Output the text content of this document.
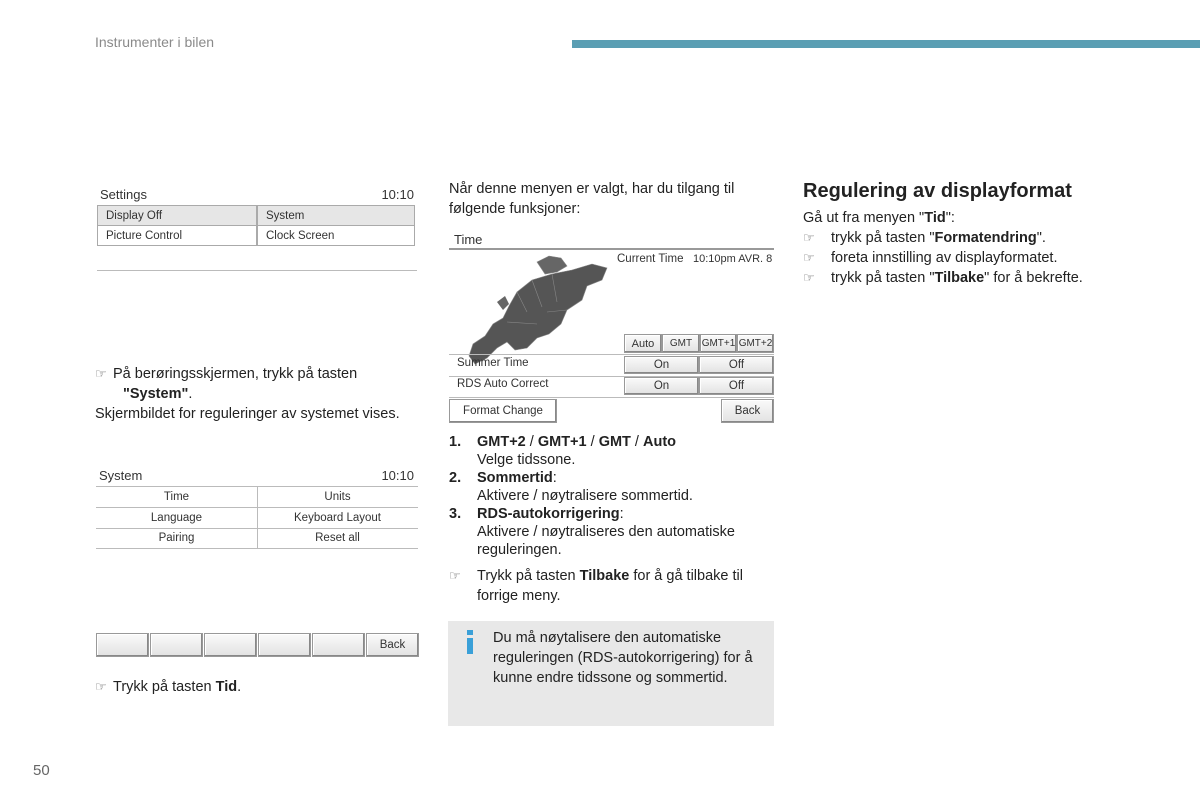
Instrumenter i bilen
Settings	10:10
Display Off	System
Picture Control	Clock Screen
☞ På berøringsskjermen, trykk på tasten
"System".
Skjermbildet for reguleringer av systemet vises.
System	10:10
Time	Units
Language	Keyboard Layout
Pairing	Reset all
Back
☞ Trykk på tasten Tid.
Når denne menyen er valgt, har du tilgang til følgende funksjoner:
Time
Current Time 10:10pm AVR. 8
Auto	GMT GMT+1 GMT+2
Summer Time	On	Off
RDS Auto Correct	On	Off
Format Change	Back
1. GMT+2 / GMT+1 / GMT / Auto
Velge tidssone.
2. Sommertid:
Aktivere / nøytralisere sommertid.
3. RDS-autokorrigering:
Aktivere / nøytraliseres den automatiske reguleringen.
☞	Trykk på tasten Tilbake for å gå tilbake til forrige meny.
Du må nøytalisere den automatiske reguleringen (RDS-autokorrigering) for å kunne endre tidssone og sommertid.
Regulering av displayformat
Gå ut fra menyen "Tid":
☞ trykk på tasten "Formatendring".
☞ foreta innstilling av displayformatet.
☞ trykk på tasten "Tilbake" for å bekrefte.
50
